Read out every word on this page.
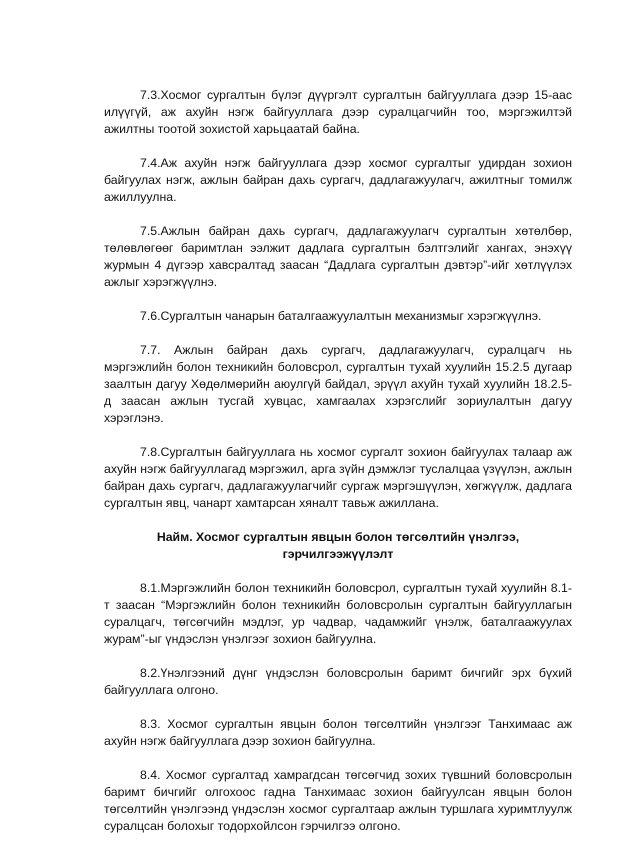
7.3.Хосмог сургалтын бүлэг дүүргэлт сургалтын байгууллага дээр 15-аас илүүгүй, аж ахуйн нэгж байгууллага дээр суралцагчийн тоо, мэргэжилтэй ажилтны тоотой зохистой харьцаатай байна.

7.4.Аж ахуйн нэгж байгууллага дээр хосмог сургалтыг удирдан зохион байгуулах нэгж, ажлын байран дахь сургагч, дадлагажуулагч, ажилтныг томилж ажиллуулна.

7.5.Ажлын байран дахь сургагч, дадлагажуулагч сургалтын хөтөлбөр, төлөвлөгөөг баримтлан ээлжит дадлага сургалтын бэлтгэлийг хангах, энэхүү журмын 4 дүгээр хавсралтад заасан “Дадлага сургалтын дэвтэр”-ийг хөтлүүлэх ажлыг хэрэгжүүлнэ.

7.6.Сургалтын чанарын баталгаажуулалтын механизмыг хэрэгжүүлнэ.

7.7. Ажлын байран дахь сургагч, дадлагажуулагч, суралцагч нь мэргэжлийн болон техникийн боловсрол, сургалтын тухай хуулийн 15.2.5 дугаар заалтын дагуу Хөдөлмөрийн аюулгүй байдал, эрүүл ахуйн тухай хуулийн 18.2.5-д заасан ажлын тусгай хувцас, хамгаалах хэрэгслийг зориулалтын дагуу хэрэглэнэ.

7.8.Сургалтын байгууллага нь хосмог сургалт зохион байгуулах талаар аж ахуйн нэгж байгууллагад мэргэжил, арга зүйн дэмжлэг туслалцаа үзүүлэн, ажлын байран дахь сургагч, дадлагажуулагчийг сургаж мэргэшүүлэн, хөгжүүлж, дадлага сургалтын явц, чанарт хамтарсан хяналт тавьж ажиллана.

Найм. Хосмог сургалтын явцын болон төгсөлтийн үнэлгээ,
гэрчилгээжүүлэлт

8.1.Мэргэжлийн болон техникийн боловсрол, сургалтын тухай хуулийн 8.1-т заасан “Мэргэжлийн болон техникийн боловсролын сургалтын байгууллагын суралцагч, төгсөгчийн мэдлэг, ур чадвар, чадамжийг үнэлж, баталгаажуулах журам”-ыг үндэслэн үнэлгээг зохион байгуулна.

8.2.Үнэлгээний дүнг үндэслэн боловсролын баримт бичгийг эрх бүхий байгууллага олгоно.

8.3. Хосмог сургалтын явцын болон төгсөлтийн үнэлгээг Танхимаас аж ахуйн нэгж байгууллага дээр зохион байгуулна.

8.4. Хосмог сургалтад хамрагдсан төгсөгчид зохих түвшний боловсролын баримт бичгийг олгохоос гадна Танхимаас зохион байгуулсан явцын болон төгсөлтийн үнэлгээнд үндэслэн хосмог сургалтаар ажлын туршлага хуримтлуулж суралцсан болохыг тодорхойлсон гэрчилгээ олгоно.
